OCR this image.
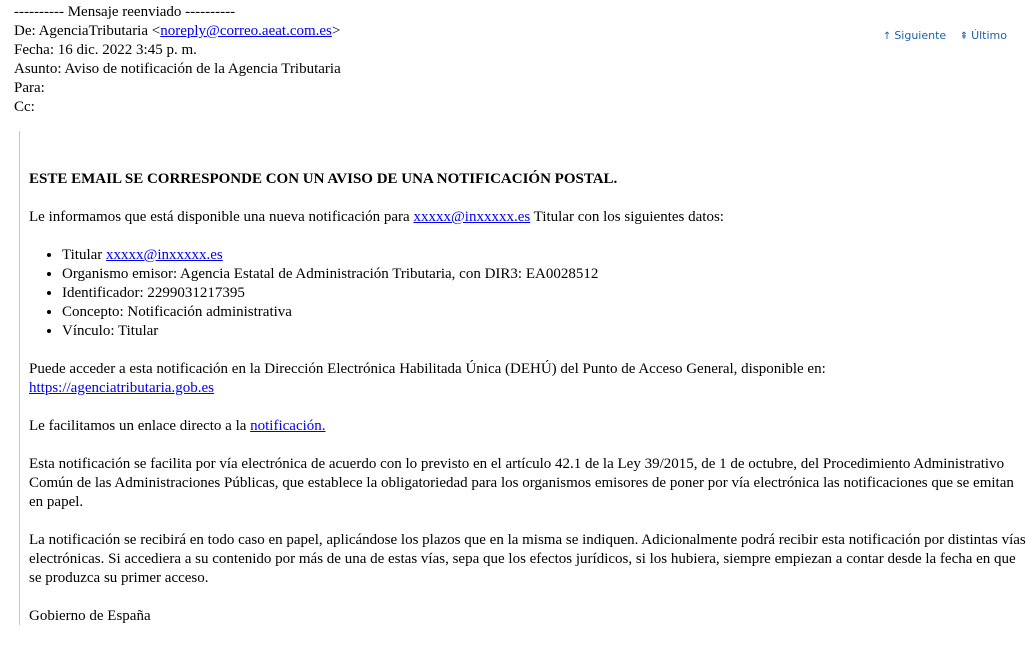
---------- Mensaje reenviado ----------
De: AgenciaTributaria <noreply@correo.aeat.com.es>
Fecha: 16 dic. 2022 3:45 p. m.
Asunto: Aviso de notificación de la Agencia Tributaria
Para:
Cc:
↑ Siguiente ⇞ Último

ESTE EMAIL SE CORRESPONDE CON UN AVISO DE UNA NOTIFICACIÓN POSTAL.

Le informamos que está disponible una nueva notificación para xxxxx@inxxxxx.es Titular con los siguientes datos:

• Titular xxxxx@inxxxxx.es
• Organismo emisor: Agencia Estatal de Administración Tributaria, con DIR3: EA0028512
• Identificador: 2299031217395
• Concepto: Notificación administrativa
• Vínculo: Titular

Puede acceder a esta notificación en la Dirección Electrónica Habilitada Única (DEHÚ) del Punto de Acceso General, disponible en:
https://agenciatributaria.gob.es

Le facilitamos un enlace directo a la notificación.

Esta notificación se facilita por vía electrónica de acuerdo con lo previsto en el artículo 42.1 de la Ley 39/2015, de 1 de octubre, del Procedimiento Administrativo Común de las Administraciones Públicas, que establece la obligatoriedad para los organismos emisores de poner por vía electrónica las notificaciones que se emitan en papel.

La notificación se recibirá en todo caso en papel, aplicándose los plazos que en la misma se indiquen. Adicionalmente podrá recibir esta notificación por distintas vías electrónicas. Si accediera a su contenido por más de una de estas vías, sepa que los efectos jurídicos, si los hubiera, siempre empiezan a contar desde la fecha en que se produzca su primer acceso.

Gobierno de España
